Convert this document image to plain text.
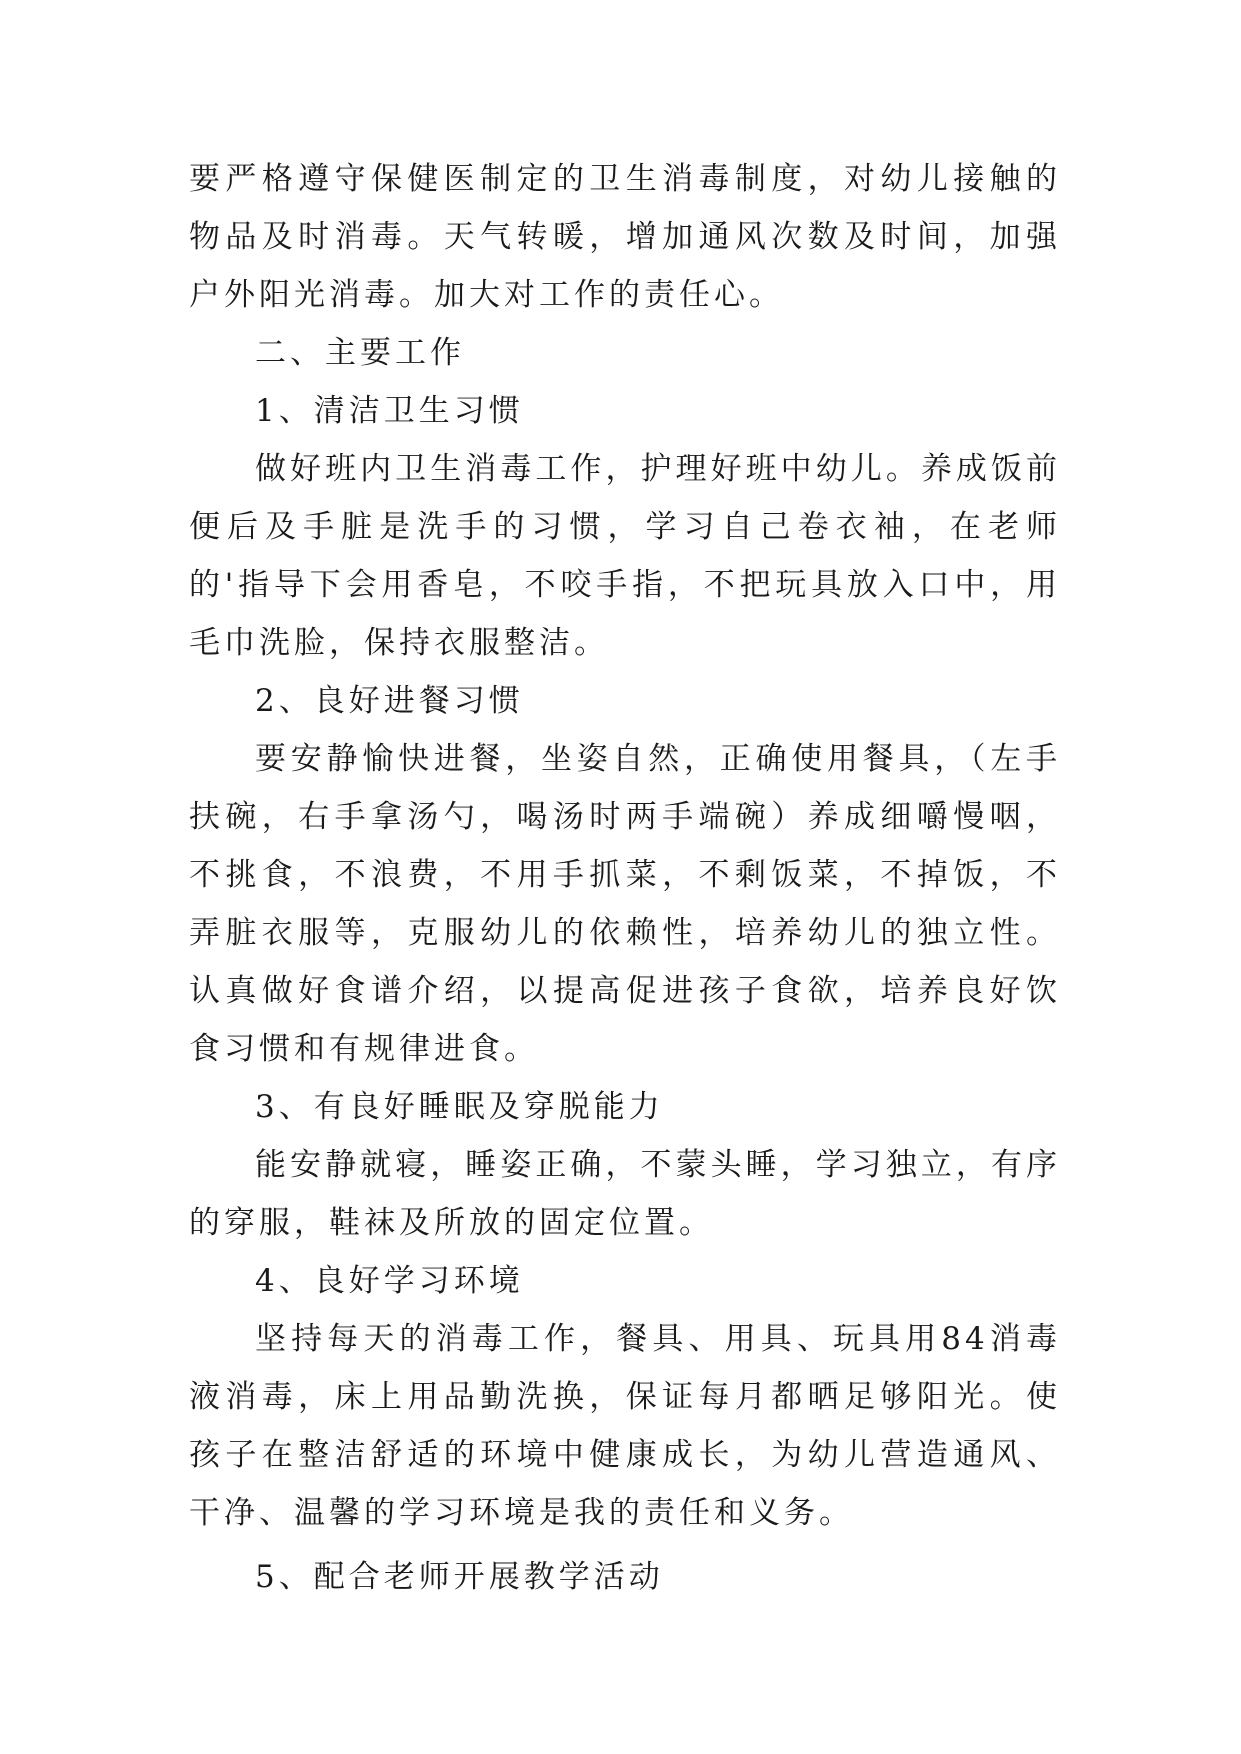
要严格遵守保健医制定的卫生消毒制度，对幼儿接触的物品及时消毒。天气转暖，增加通风次数及时间，加强户外阳光消毒。加大对工作的责任心。

二、主要工作

1、清洁卫生习惯

做好班内卫生消毒工作，护理好班中幼儿。养成饭前便后及手脏是洗手的习惯，学习自己卷衣袖，在老师的'指导下会用香皂，不咬手指，不把玩具放入口中，用毛巾洗脸，保持衣服整洁。

2、良好进餐习惯

要安静愉快进餐，坐姿自然，正确使用餐具，（左手扶碗，右手拿汤勺，喝汤时两手端碗）养成细嚼慢咽，不挑食，不浪费，不用手抓菜，不剩饭菜，不掉饭，不弄脏衣服等，克服幼儿的依赖性，培养幼儿的独立性。认真做好食谱介绍，以提高促进孩子食欲，培养良好饮食习惯和有规律进食。

3、有良好睡眠及穿脱能力

能安静就寝，睡姿正确，不蒙头睡，学习独立，有序的穿服，鞋袜及所放的固定位置。

4、良好学习环境

坚持每天的消毒工作，餐具、用具、玩具用84消毒液消毒，床上用品勤洗换，保证每月都晒足够阳光。使孩子在整洁舒适的环境中健康成长，为幼儿营造通风、干净、温馨的学习环境是我的责任和义务。

5、配合老师开展教学活动
